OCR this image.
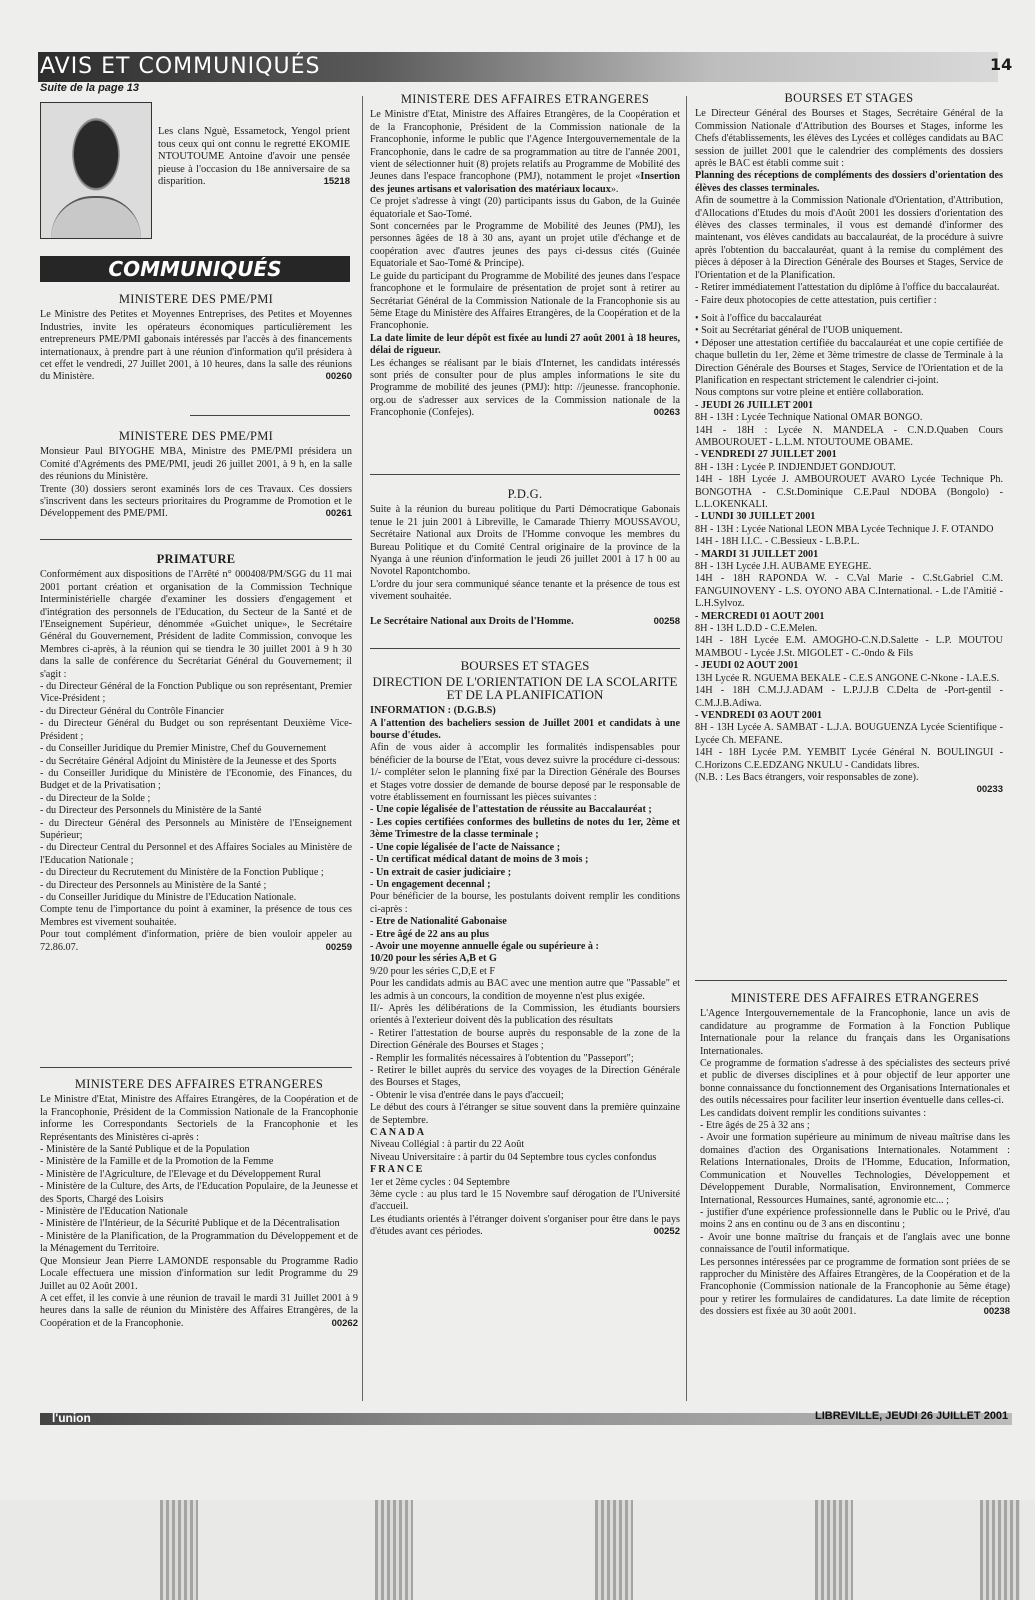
AVIS ET COMMUNIQUÉS	14
Suite de la page 13

Les clans Nguè, Essametock, Yengol prient tous ceux qui ont connu le regretté EKOMIE NTOUTOUME Antoine d'avoir une pensée pieuse à l'occasion du 18e anniversaire de sa disparition.	15218

COMMUNIQUÉS
MINISTERE DES PME/PMI

Le Ministre des Petites et Moyennes Entreprises, des Petites et Moyennes Industries, invite les opérateurs économiques particulièrement les entrepreneurs PME/PMI gabonais intéressés par l'accès à des financements internationaux, à prendre part à une réunion d'information qu'il présidera à cet effet le vendredi, 27 Juillet 2001, à 10 heures, dans la salle des réunions du Ministère.	00260

MINISTERE DES PME/PMI

Monsieur Paul BIYOGHE MBA, Ministre des PME/PMI présidera un Comité d'Agréments des PME/PMI, jeudi 26 juillet 2001, à 9 h, en la salle des réunions du Ministère.

Trente (30) dossiers seront examinés lors de ces Travaux. Ces dossiers s'inscrivent dans les secteurs prioritaires du Programme de Promotion et le Développement des PME/PMI.	00261

PRIMATURE

Conformément aux dispositions de l'Arrêté n° 000408/PM/SGG du 11 mai 2001 portant création et organisation de la Commission Technique Interministérielle chargée d'examiner les dossiers d'engagement et d'intégration des personnels de l'Education, du Secteur de la Santé et de l'Enseignement Supérieur, dénommée «Guichet unique», le Secrétaire Général du Gouvernement, Président de ladite Commission, convoque les Membres ci-après, à la réunion qui se tiendra le 30 juillet 2001 à 9 h 30 dans la salle de conférence du Secrétariat Général du Gouvernement; il s'agit :

- du Directeur Général de la Fonction Publique ou son représentant, Premier Vice-Président ;

- du Directeur Général du Contrôle Financier

- du Directeur Général du Budget ou son représentant Deuxième Vice-Président ;

- du Conseiller Juridique du Premier Ministre, Chef du Gouvernement

- du Secrétaire Général Adjoint du Ministère de la Jeunesse et des Sports

- du Conseiller Juridique du Ministère de l'Economie, des Finances, du Budget et de la Privatisation ;

- du Directeur de la Solde ;

- du Directeur des Personnels du Ministère de la Santé

- du Directeur Général des Personnels au Ministère de l'Enseignement Supérieur;

- du Directeur Central du Personnel et des Affaires Sociales au Ministère de l'Education Nationale ;

- du Directeur du Recrutement du Ministère de la Fonction Publique ;

- du Directeur des Personnels au Ministère de la Santé ;

- du Conseiller Juridique du Ministre de l'Education Nationale.

Compte tenu de l'importance du point à examiner, la présence de tous ces Membres est vivement souhaitée.

Pour tout complément d'information, prière de bien vouloir appeler au 72.86.07.	00259

MINISTERE DES AFFAIRES ETRANGERES

Le Ministre d'Etat, Ministre des Affaires Etrangères, de la Coopération et de la Francophonie, Président de la Commission Nationale de la Francophonie informe les Correspondants Sectoriels de la Francophonie et les Représentants des Ministères ci-après :

- Ministère de la Santé Publique et de la Population

- Ministère de la Famille et de la Promotion de la Femme

- Ministère de l'Agriculture, de l'Elevage et du Développement Rural

- Ministère de la Culture, des Arts, de l'Education Populaire, de la Jeunesse et des Sports, Chargé des Loisirs

- Ministère de l'Education Nationale

- Ministère de l'Intérieur, de la Sécurité Publique et de la Décentralisation

- Ministère de la Planification, de la Programmation du Développement et de la Ménagement du Territoire.

Que Monsieur Jean Pierre LAMONDE responsable du Programme Radio Locale effectuera une mission d'information sur ledit Programme du 29 Juillet au 02 Août 2001.

A cet effet, il les convie à une réunion de travail le mardi 31 Juillet 2001 à 9 heures dans la salle de réunion du Ministère des Affaires Etrangères, de la Coopération et de la Francophonie.	00262

MINISTERE DES AFFAIRES ETRANGERES

Le Ministre d'Etat, Ministre des Affaires Etrangères, de la Coopération et de la Francophonie, Président de la Commission nationale de la Francophonie, informe le public que l'Agence Intergouvernementale de la Francophonie, dans le cadre de sa programmation au titre de l'année 2001, vient de sélectionner huit (8) projets relatifs au Programme de Mobilité des Jeunes dans l'espace francophone (PMJ), notamment le projet «Insertion des jeunes artisans et valorisation des matériaux locaux».

Ce projet s'adresse à vingt (20) participants issus du Gabon, de la Guinée équatoriale et Sao-Tomé.

Sont concernées par le Programme de Mobilité des Jeunes (PMJ), les personnes âgées de 18 à 30 ans, ayant un projet utile d'échange et de coopération avec d'autres jeunes des pays ci-dessus cités (Guinée Equatoriale et Sao-Tomé & Principe).

Le guide du participant du Programme de Mobilité des jeunes dans l'espace francophone et le formulaire de présentation de projet sont à retirer au Secrétariat Général de la Commission Nationale de la Francophonie sis au 5ème Etage du Ministère des Affaires Etrangères, de la Coopération et de la Francophonie.

La date limite de leur dépôt est fixée au lundi 27 août 2001 à 18 heures, délai de rigueur.

Les échanges se réalisant par le biais d'Internet, les candidats intéressés sont priés de consulter pour de plus amples informations le site du Programme de mobilité des jeunes (PMJ): http: //jeunesse. francophonie. org.ou de s'adresser aux services de la Commission nationale de la Francophonie (Confejes).	00263

P.D.G.

Suite à la réunion du bureau politique du Parti Démocratique Gabonais tenue le 21 juin 2001 à Libreville, le Camarade Thierry MOUSSAVOU, Secrétaire National aux Droits de l'Homme convoque les membres du Bureau Politique et du Comité Central originaire de la province de la Nyanga à une réunion d'information le jeudi 26 juillet 2001 à 17 h 00 au Novotel Rapontchombo.

L'ordre du jour sera communiqué séance tenante et la présence de tous est vivement souhaitée.

Le Secrétaire National aux Droits de l'Homme.	00258

BOURSES ET STAGES
DIRECTION DE L'ORIENTATION DE LA SCOLARITE ET DE LA PLANIFICATION

INFORMATION : (D.G.B.S)

A l'attention des bacheliers session de Juillet 2001 et candidats à une bourse d'études.

Afin de vous aider à accomplir les formalités indispensables pour bénéficier de la bourse de l'Etat, vous devez suivre la procédure ci-dessous: 1/- compléter selon le planning fixé par la Direction Générale des Bourses et Stages votre dossier de demande de bourse deposé par le responsable de votre établissement en fournissant les pièces suivantes :

- Une copie légalisée de l'attestation de réussite au Baccalauréat ;

- Les copies certifiées conformes des bulletins de notes du 1er, 2ème et 3ème Trimestre de la classe terminale ;

- Une copie légalisée de l'acte de Naissance ;

- Un certificat médical datant de moins de 3 mois ;

- Un extrait de casier judiciaire ;

- Un engagement decennal ;

Pour bénéficier de la bourse, les postulants doivent remplir les conditions ci-après :

- Etre de Nationalité Gabonaise

- Etre âgé de 22 ans au plus

- Avoir une moyenne annuelle égale ou supérieure à :

10/20 pour les séries A,B et G

9/20 pour les séries C,D,E et F

Pour les candidats admis au BAC avec une mention autre que "Passable" et les admis à un concours, la condition de moyenne n'est plus exigée.

II/- Après les délibérations de la Commission, les étudiants boursiers orientés à l'exterieur doivent dès la publication des résultats

- Retirer l'attestation de bourse auprès du responsable de la zone de la Direction Générale des Bourses et Stages ;

- Remplir les formalités nécessaires à l'obtention du "Passeport";

- Retirer le billet auprès du service des voyages de la Direction Générale des Bourses et Stages,

- Obtenir le visa d'entrée dans le pays d'accueil;

Le début des cours à l'étranger se situe souvent dans la première quinzaine de Septembre.

CANADA

Niveau Collégial : à partir du 22 Août

Niveau Universitaire : à partir du 04 Septembre tous cycles confondus

FRANCE

1er et 2ème cycles : 04 Septembre

3ème cycle : au plus tard le 15 Novembre sauf dérogation de l'Université d'accueil.

Les étudiants orientés à l'étranger doivent s'organiser pour être dans le pays d'études avant ces périodes.	00252

BOURSES ET STAGES

Le Directeur Général des Bourses et Stages, Secrétaire Général de la Commission Nationale d'Attribution des Bourses et Stages, informe les Chefs d'établissements, les élèves des Lycées et collèges candidats au BAC session de juillet 2001 que le calendrier des compléments des dossiers après le BAC est établi comme suit :

Planning des réceptions de compléments des dossiers d'orientation des élèves des classes terminales.

Afin de soumettre à la Commission Nationale d'Orientation, d'Attribution, d'Allocations d'Etudes du mois d'Août 2001 les dossiers d'orientation des élèves des classes terminales, il vous est demandé d'informer des maintenant, vos élèves candidats au baccalauréat, de la procédure à suivre après l'obtention du baccalauréat, quant à la remise du complément des pièces à déposer à la Direction Générale des Bourses et Stages, Service de l'Orientation et de la Planification.

- Retirer immédiatement l'attestation du diplôme à l'office du baccalauréat.

- Faire deux photocopies de cette attestation, puis certifier :

• Soit à l'office du baccalauréat

• Soit au Secrétariat général de l'UOB uniquement.

• Déposer une attestation certifiée du baccalauréat et une copie certifiée de chaque bulletin du 1er, 2ème et 3ème trimestre de classe de Terminale à la Direction Générale des Bourses et Stages, Service de l'Orientation et de la Planification en respectant strictement le calendrier ci-joint.

Nous comptons sur votre pleine et entière collaboration.

- JEUDI 26 JUILLET 2001

8H - 13H : Lycée Technique National OMAR BONGO.

14H - 18H : Lycée N. MANDELA - C.N.D.Quaben Cours AMBOUROUET - L.L.M. NTOUTOUME OBAME.

- VENDREDI 27 JUILLET 2001

8H - 13H : Lycée P. INDJENDJET GONDJOUT.

14H - 18H Lycée J. AMBOUROUET AVARO Lycée Technique Ph. BONGOTHA - C.St.Dominique C.E.Paul NDOBA (Bongolo) - L.L.OKENKALI.

- LUNDI 30 JUILLET 2001

8H - 13H : Lycée National LEON MBA Lycée Technique J. F. OTANDO

14H - 18H I.I.C. - C.Bessieux - L.B.P.L.

- MARDI 31 JUILLET 2001

8H - 13H Lycée J.H. AUBAME EYEGHE.

14H - 18H RAPONDA W. - C.Val Marie - C.St.Gabriel C.M. FANGUINOVENY - L.S. OYONO ABA C.International. - L.de l'Amitié - L.H.Sylvoz.

- MERCREDI 01 AOUT 2001

8H - 13H L.D.D - C.E.Melen.

14H - 18H Lycée E.M. AMOGHO-C.N.D.Salette - L.P. MOUTOU MAMBOU - Lycée J.St. MIGOLET - C.-0ndo & Fils

- JEUDI 02 AOUT 2001

13H Lycée R. NGUEMA BEKALE - C.E.S ANGONE C-Nkone - I.A.E.S.

14H - 18H C.M.J.J.ADAM - L.P.J.J.B C.Delta de -Port-gentil - C.M.J.B.Adiwa.

- VENDREDI 03 AOUT 2001

8H - 13H Lycée A. SAMBAT - L.J.A. BOUGUENZA Lycée Scientifique - Lycée Ch. MEFANE.

14H - 18H Lycée P.M. YEMBIT Lycée Général N. BOULINGUI - C.Horizons C.E.EDZANG NKULU - Candidats libres.

(N.B. : Les Bacs étrangers, voir responsables de zone).

00233

MINISTERE DES AFFAIRES ETRANGERES

L'Agence Intergouvernementale de la Francophonie, lance un avis de candidature au programme de Formation à la Fonction Publique Internationale pour la relance du français dans les Organisations Internationales.

Ce programme de formation s'adresse à des spécialistes des secteurs privé et public de diverses disciplines et à pour objectif de leur apporter une bonne connaissance du fonctionnement des Organisations Internationales et des outils nécessaires pour faciliter leur insertion éventuelle dans celles-ci.

Les candidats doivent remplir les conditions suivantes :

- Etre âgés de 25 à 32 ans ;

- Avoir une formation supérieure au minimum de niveau maîtrise dans les domaines d'action des Organisations Internationales. Notamment : Relations Internationales, Droits de l'Homme, Education, Information, Communication et Nouvelles Technologies, Développement et Développement Durable, Normalisation, Environnement, Commerce International, Ressources Humaines, santé, agronomie etc... ;

- justifier d'une expérience professionnelle dans le Public ou le Privé, d'au moins 2 ans en continu ou de 3 ans en discontinu ;

- Avoir une bonne maîtrise du français et de l'anglais avec une bonne connaissance de l'outil informatique.

Les personnes intéressées par ce programme de formation sont priées de se rapprocher du Ministère des Affaires Etrangères, de la Coopération et de la Francophonie (Commission nationale de la Francophonie au 5ème étage) pour y retirer les formulaires de candidatures. La date limite de réception des dossiers est fixée au 30 août 2001.	00238

l'union	LIBREVILLE, JEUDI 26 JUILLET 2001
